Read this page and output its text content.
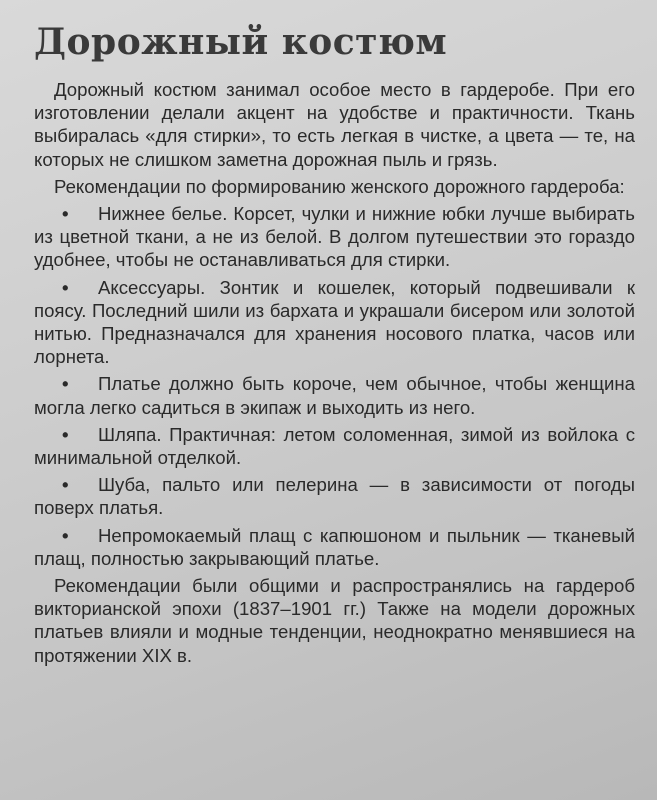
Дорожный костюм

Дорожный костюм занимал особое место в гардеробе. При его изготовлении делали акцент на удобстве и практичности. Ткань выбиралась «для стирки», то есть легкая в чистке, а цвета — те, на которых не слишком заметна дорожная пыль и грязь.

Рекомендации по формированию женского дорожного гардероба:

• Нижнее белье. Корсет, чулки и нижние юбки лучше выбирать из цветной ткани, а не из белой. В долгом путешествии это гораздо удобнее, чтобы не останавливаться для стирки.
• Аксессуары. Зонтик и кошелек, который подвешивали к поясу. Последний шили из бархата и украшали бисером или золотой нитью. Предназначался для хранения носового платка, часов или лорнета.
• Платье должно быть короче, чем обычное, чтобы женщина могла легко садиться в экипаж и выходить из него.
• Шляпа. Практичная: летом соломенная, зимой из войлока с минимальной отделкой.
• Шуба, пальто или пелерина — в зависимости от погоды поверх платья.
• Непромокаемый плащ с капюшоном и пыльник — тканевый плащ, полностью закрывающий платье.

Рекомендации были общими и распространялись на гардероб викторианской эпохи (1837–1901 гг.) Также на модели дорожных платьев влияли и модные тенденции, неоднократно менявшиеся на протяжении XIX в.
